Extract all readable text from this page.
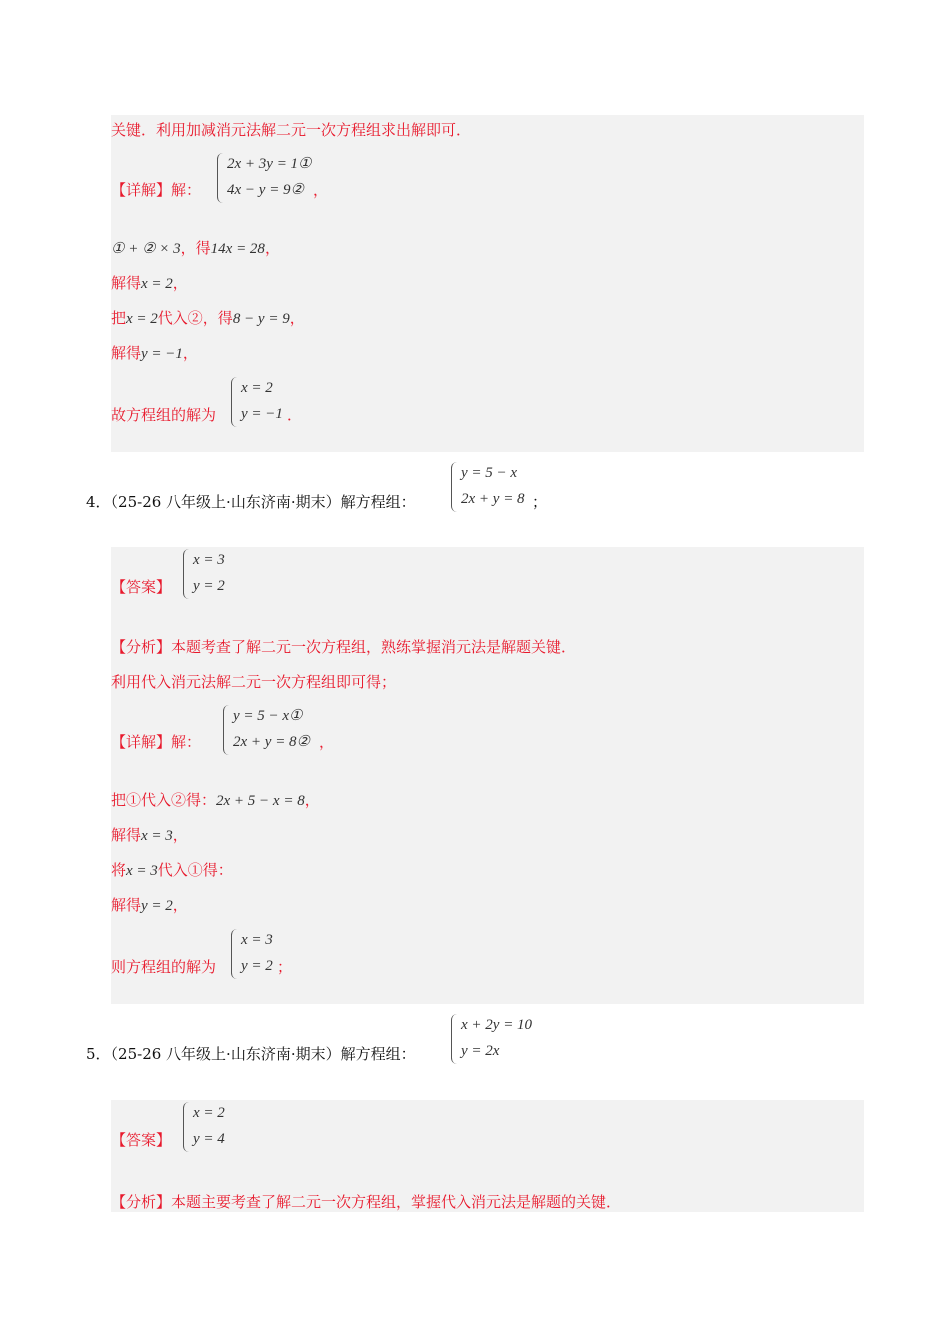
关键．利用加减消元法解二元一次方程组求出解即可．
【详解】解：
2x + 3y = 1①
4x − y = 9② ，
① + ② × 3，得14x = 28，
解得x = 2，
把x = 2代入②，得8 − y = 9，
解得y = −1，
故方程组的解为
x = 2
y = −1 ．
4．（25-26 八年级上·山东济南·期末）解方程组：
y = 5 − x
2x + y = 8 ；
【答案】
x = 3
y = 2
【分析】本题考查了解二元一次方程组，熟练掌握消元法是解题关键．
利用代入消元法解二元一次方程组即可得；
【详解】解：
y = 5 − x①
2x + y = 8② ，
把①代入②得：2x + 5 − x = 8，
解得x = 3，
将x = 3代入①得：
解得y = 2，
则方程组的解为
x = 3
y = 2 ；
5．（25-26 八年级上·山东济南·期末）解方程组：
x + 2y = 10
y = 2x
【答案】
x = 2
y = 4
【分析】本题主要考查了解二元一次方程组，掌握代入消元法是解题的关键．
